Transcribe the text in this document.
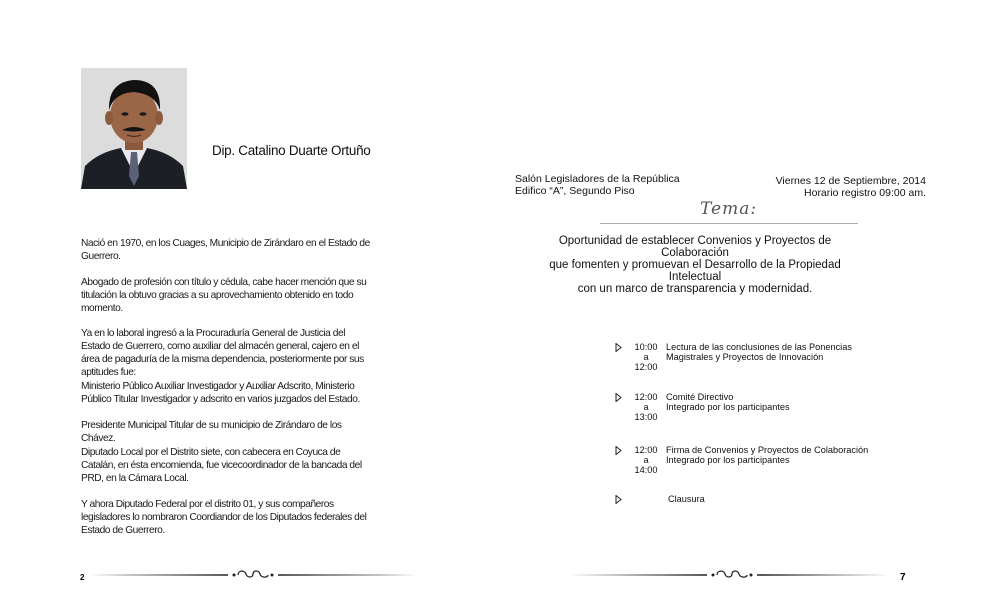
Dip. Catalino Duarte Ortuño

Nació en 1970, en los Cuages, Municipio de Zirándaro en el Estado de Guerrero.

Abogado de profesión con título y cédula, cabe hacer mención que su titulación la obtuvo gracias a su aprovechamiento obtenido en todo momento.

Ya en lo laboral ingresó a la Procuraduría General de Justicia del Estado de Guerrero, como auxiliar del almacén general, cajero en el área de pagaduría de la misma dependencia, posteriormente por sus aptitudes fue:

Ministerio Público Auxiliar Investigador y Auxiliar Adscrito, Ministerio Público Titular Investigador y adscrito en varios juzgados del Estado.

Presidente Municipal Titular de su municipio de Zirándaro de los Chávez.

Diputado Local por el Distrito siete, con cabecera en Coyuca de Catalán, en ésta encomienda, fue vicecoordinador de la bancada del PRD, en la Cámara Local.

Y ahora Diputado Federal por el distrito 01, y sus compañeros legisladores lo nombraron Coordiandor de los Diputados federales del Estado de Guerrero.

2
Salón Legisladores de la República
Edifico “A”, Segundo Piso
Viernes 12 de Septiembre, 2014
Horario registro 09:00 am.
Tema:
Oportunidad de establecer Convenios y Proyectos de Colaboración
que fomenten y promuevan el Desarrollo de la Propiedad Intelectual
con un marco de transparencia y modernidad.
10:00
a
12:00
Lectura de las conclusiones de las Ponencias
Magistrales y Proyectos de Innovación
12:00
a
13:00
Comité Directivo
Integrado por los participantes
12:00
a
14:00
Firma de Convenios y Proyectos de Colaboración
Integrado por los participantes
Clausura
7
